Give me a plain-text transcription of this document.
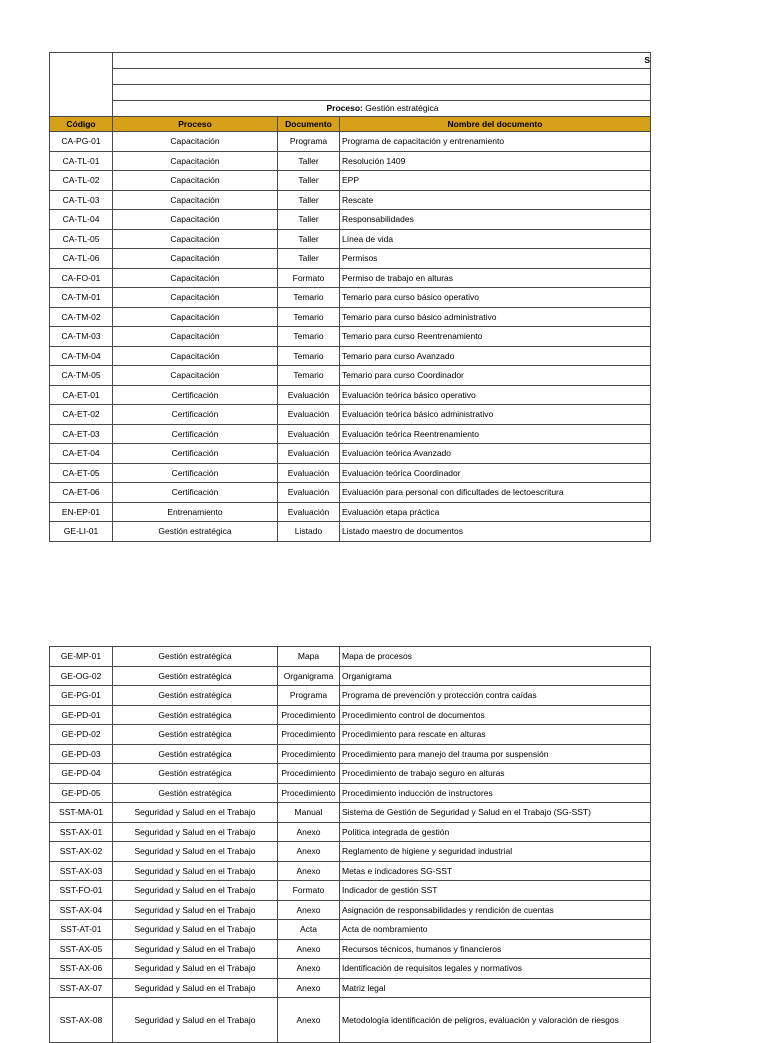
	S		

	Proceso: Gestión estratégica		
Código	Proceso	Documento	Nombre del documento
CA-PG-01	Capacitación	Programa	Programa de capacitación y entrenamiento
CA-TL-01	Capacitación	Taller	Resolución 1409
CA-TL-02	Capacitación	Taller	EPP
CA-TL-03	Capacitación	Taller	Rescate
CA-TL-04	Capacitación	Taller	Responsabilidades
CA-TL-05	Capacitación	Taller	Línea de vida
CA-TL-06	Capacitación	Taller	Permisos
CA-FO-01	Capacitación	Formato	Permiso de trabajo en alturas
CA-TM-01	Capacitación	Temario	Temario para curso básico operativo
CA-TM-02	Capacitación	Temario	Temario para curso básico administrativo
CA-TM-03	Capacitación	Temario	Temario para curso Reentrenamiento
CA-TM-04	Capacitación	Temario	Temario para curso Avanzado
CA-TM-05	Capacitación	Temario	Temario para curso Coordinador
CA-ET-01	Certificación	Evaluación	Evaluación teórica básico operativo
CA-ET-02	Certificación	Evaluación	Evaluación teórica básico administrativo
CA-ET-03	Certificación	Evaluación	Evaluación teórica Reentrenamiento
CA-ET-04	Certificación	Evaluación	Evaluación teórica Avanzado
CA-ET-05	Certificación	Evaluación	Evaluación teórica Coordinador
CA-ET-06	Certificación	Evaluación	Evaluación para personal con dificultades de lectoescritura
EN-EP-01	Entrenamiento	Evaluación	Evaluación etapa práctica
GE-LI-01	Gestión estratégica	Listado	Listado maestro de documentos
GE-MP-01	Gestión estratégica	Mapa	Mapa de procesos
GE-OG-02	Gestión estratégica	Organigrama	Organigrama
GE-PG-01	Gestión estratégica	Programa	Programa de prevención y protección contra caídas
GE-PD-01	Gestión estratégica	Procedimiento	Procedimiento control de documentos
GE-PD-02	Gestión estratégica	Procedimiento	Procedimiento para rescate en alturas
GE-PD-03	Gestión estratégica	Procedimiento	Procedimiento para manejo del trauma por suspensión
GE-PD-04	Gestión estratégica	Procedimiento	Procedimiento de trabajo seguro en alturas
GE-PD-05	Gestión estratégica	Procedimiento	Procedimiento inducción de instructores
SST-MA-01	Seguridad y Salud en el Trabajo	Manual	Sistema de Gestión de Seguridad y Salud en el Trabajo (SG-SST)
SST-AX-01	Seguridad y Salud en el Trabajo	Anexo	Política integrada de gestión
SST-AX-02	Seguridad y Salud en el Trabajo	Anexo	Reglamento de higiene y seguridad industrial
SST-AX-03	Seguridad y Salud en el Trabajo	Anexo	Metas e indicadores SG-SST
SST-FO-01	Seguridad y Salud en el Trabajo	Formato	Indicador de gestión SST
SST-AX-04	Seguridad y Salud en el Trabajo	Anexo	Asignación de responsabilidades y rendición de cuentas
SST-AT-01	Seguridad y Salud en el Trabajo	Acta	Acta de nombramiento
SST-AX-05	Seguridad y Salud en el Trabajo	Anexo	Recursos técnicos, humanos y financieros
SST-AX-06	Seguridad y Salud en el Trabajo	Anexo	Identificación de requisitos legales y normativos
SST-AX-07	Seguridad y Salud en el Trabajo	Anexo	Matriz legal
SST-AX-08	Seguridad y Salud en el Trabajo	Anexo	Metodología identificación de peligros, evaluación y valoración de riesgos
